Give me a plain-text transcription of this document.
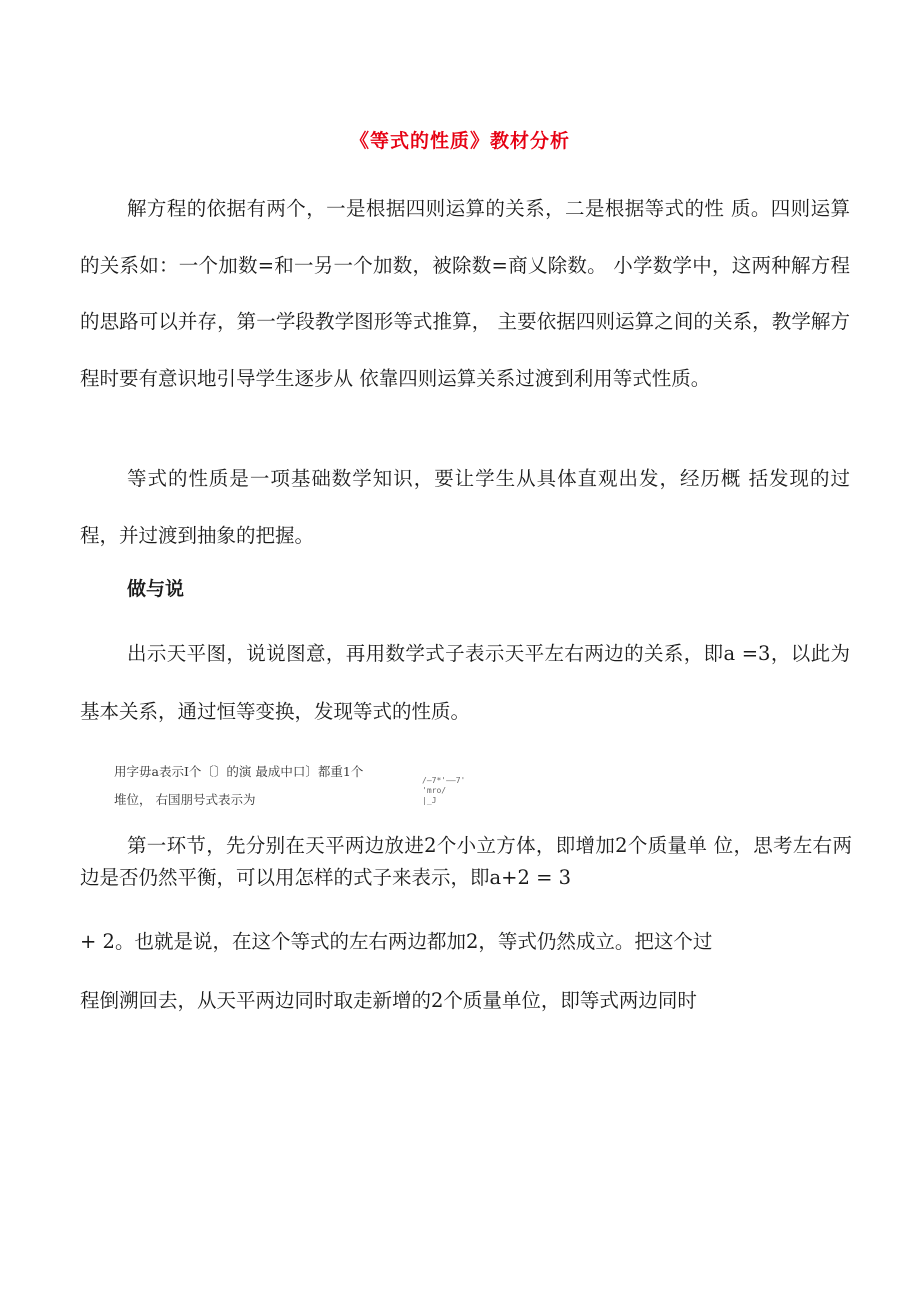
《等式的性质》教材分析

解方程的依据有两个，一是根据四则运算的关系，二是根据等式的性 质。四则运算的关系如：一个加数=和一另一个加数，被除数=商乂除数。 小学数学中，这两种解方程的思路可以并存，第一学段教学图形等式推算， 主要依据四则运算之间的关系，教学解方程时要有意识地引导学生逐步从 依靠四则运算关系过渡到利用等式性质。

等式的性质是一项基础数学知识，要让学生从具体直观出发，经历概 括发现的过程，并过渡到抽象的把握。

做与说

出示天平图，说说图意，再用数学式子表示天平左右两边的关系，即a =3，以此为基本关系，通过恒等变换，发现等式的性质。

用字毋a表示I个〔〕的演 最成中口〕都重1个
堆位， 右国朋号式表示为
/—7*'——7'
'mro/
|_J

第一环节，先分别在天平两边放进2个小立方体，即增加2个质量单 位，思考左右两边是否仍然平衡，可以用怎样的式子来表示，即a+2 = 3

+ 2。也就是说，在这个等式的左右两边都加2，等式仍然成立。把这个过
程倒溯回去，从天平两边同时取走新增的2个质量单位，即等式两边同时
